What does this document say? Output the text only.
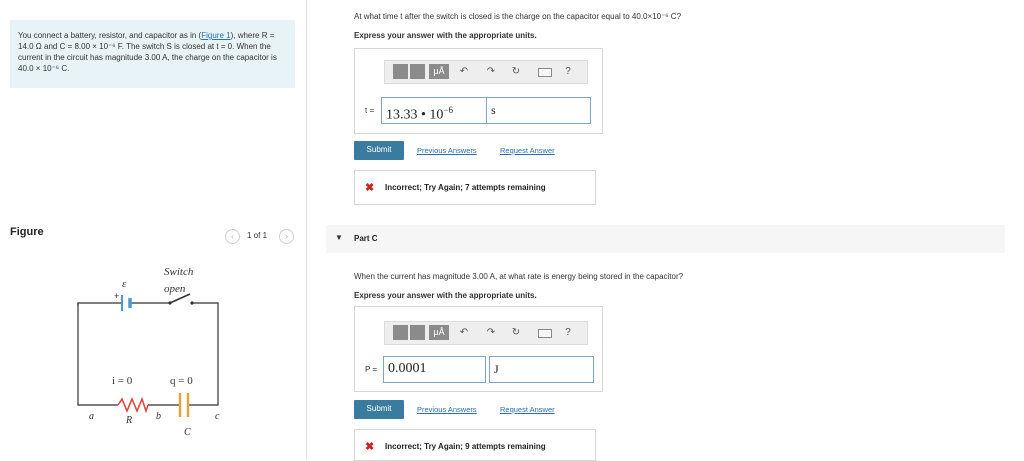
You connect a battery, resistor, and capacitor as in (Figure 1), where R = 14.0 Ω and C = 8.00 × 10⁻⁶ F. The switch S is closed at t = 0. When the current in the circuit has magnitude 3.00 A, the charge on the capacitor is 40.0 × 10⁻⁶ C.
Figure	‹	1 of 1	›
+
ε
Switch
open
i = 0	q = 0
a	R b
C
c
At what time t after the switch is closed is the charge on the capacitor equal to 40.0×10⁻⁶ C?
Express your answer with the appropriate units.
μÅ	↶ ↷ ↻	?
t = 13.33 • $10^{-6}$	s
Submit	Previous Answers	Request Answer
✖ Incorrect; Try Again; 7 attempts remaining
▼ Part C
When the current has magnitude 3.00 A, at what rate is energy being stored in the capacitor?
Express your answer with the appropriate units.
μÅ	↶ ↷ ↻	?
P = 0.0001	J
Submit	Previous Answers	Request Answer
✖ Incorrect; Try Again; 9 attempts remaining
